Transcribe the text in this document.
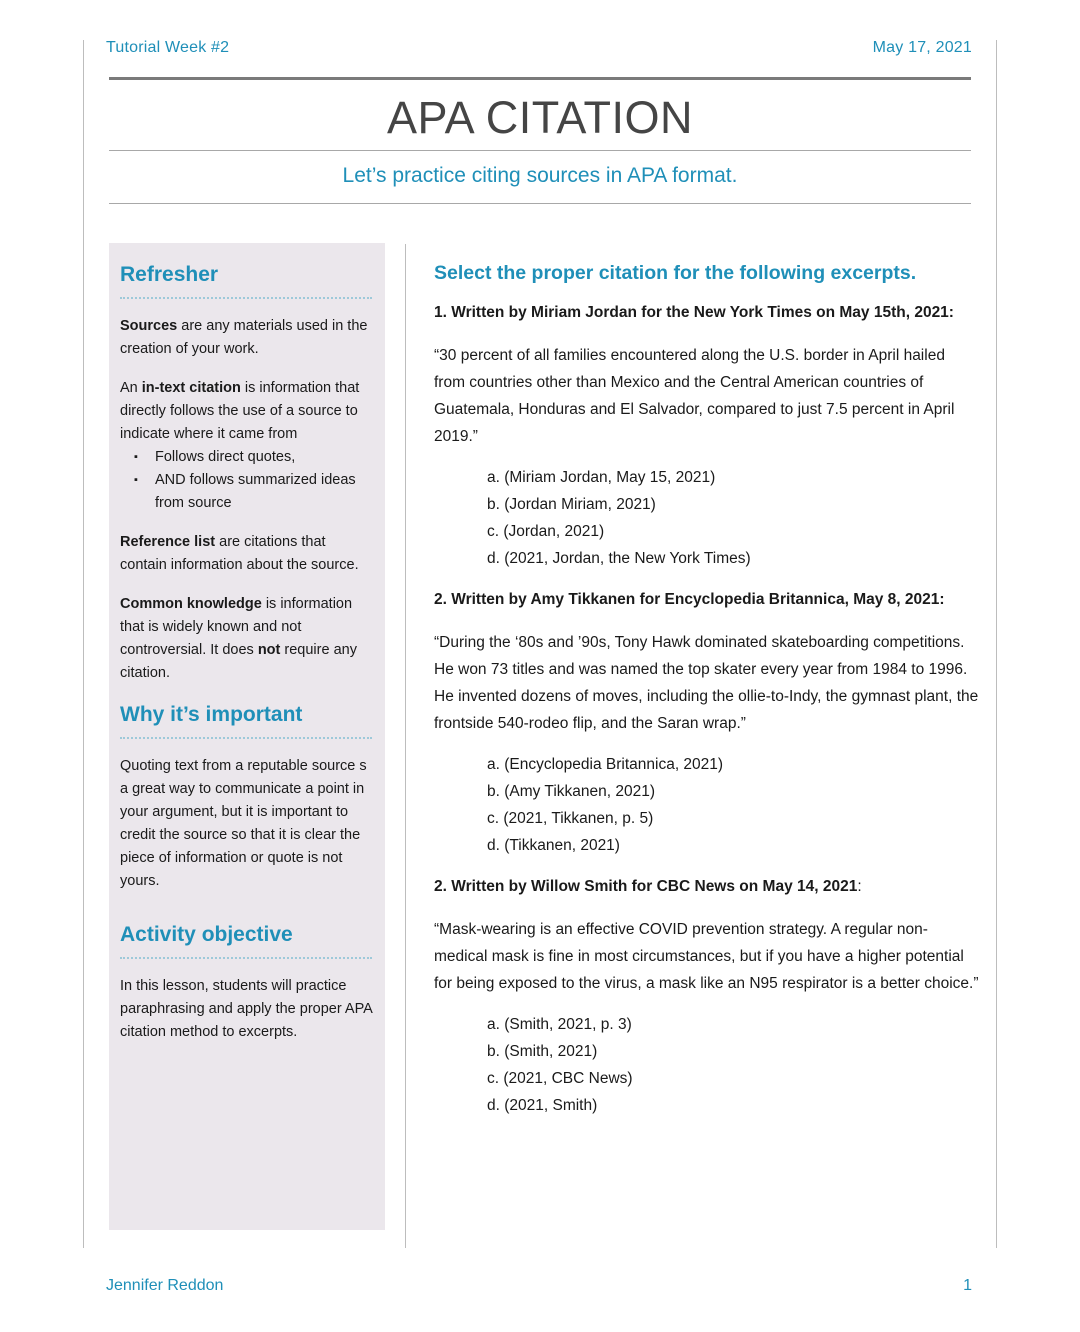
Tutorial Week #2	May 17, 2021
APA CITATION
Let’s practice citing sources in APA format.
Refresher

Sources are any materials used in the creation of your work.

An in-text citation is information that directly follows the use of a source to indicate where it came from

▪ Follows direct quotes,
▪ AND follows summarized ideas from source

Reference list are citations that contain information about the source.

Common knowledge is information that is widely known and not controversial. It does not require any citation.

Why it’s important

Quoting text from a reputable source s a great way to communicate a point in your argument, but it is important to credit the source so that it is clear the piece of information or quote is not yours.

Activity objective

In this lesson, students will practice paraphrasing and apply the proper APA citation method to excerpts.

Select the proper citation for the following excerpts.

1. Written by Miriam Jordan for the New York Times on May 15th, 2021:

“30 percent of all families encountered along the U.S. border in April hailed from countries other than Mexico and the Central American countries of Guatemala, Honduras and El Salvador, compared to just 7.5 percent in April 2019.”

a. (Miriam Jordan, May 15, 2021)
b. (Jordan Miriam, 2021)
c. (Jordan, 2021)
d. (2021, Jordan, the New York Times)

2. Written by Amy Tikkanen for Encyclopedia Britannica, May 8, 2021:

“During the ‘80s and ’90s, Tony Hawk dominated skateboarding competitions. He won 73 titles and was named the top skater every year from 1984 to 1996. He invented dozens of moves, including the ollie-to-Indy, the gymnast plant, the frontside 540-rodeo flip, and the Saran wrap.”

a. (Encyclopedia Britannica, 2021)
b. (Amy Tikkanen, 2021)
c. (2021, Tikkanen, p. 5)
d. (Tikkanen, 2021)

2. Written by Willow Smith for CBC News on May 14, 2021:

“Mask-wearing is an effective COVID prevention strategy. A regular non-medical mask is fine in most circumstances, but if you have a higher potential for being exposed to the virus, a mask like an N95 respirator is a better choice.”

a. (Smith, 2021, p. 3)
b. (Smith, 2021)
c. (2021, CBC News)
d. (2021, Smith)
Jennifer Reddon	1
